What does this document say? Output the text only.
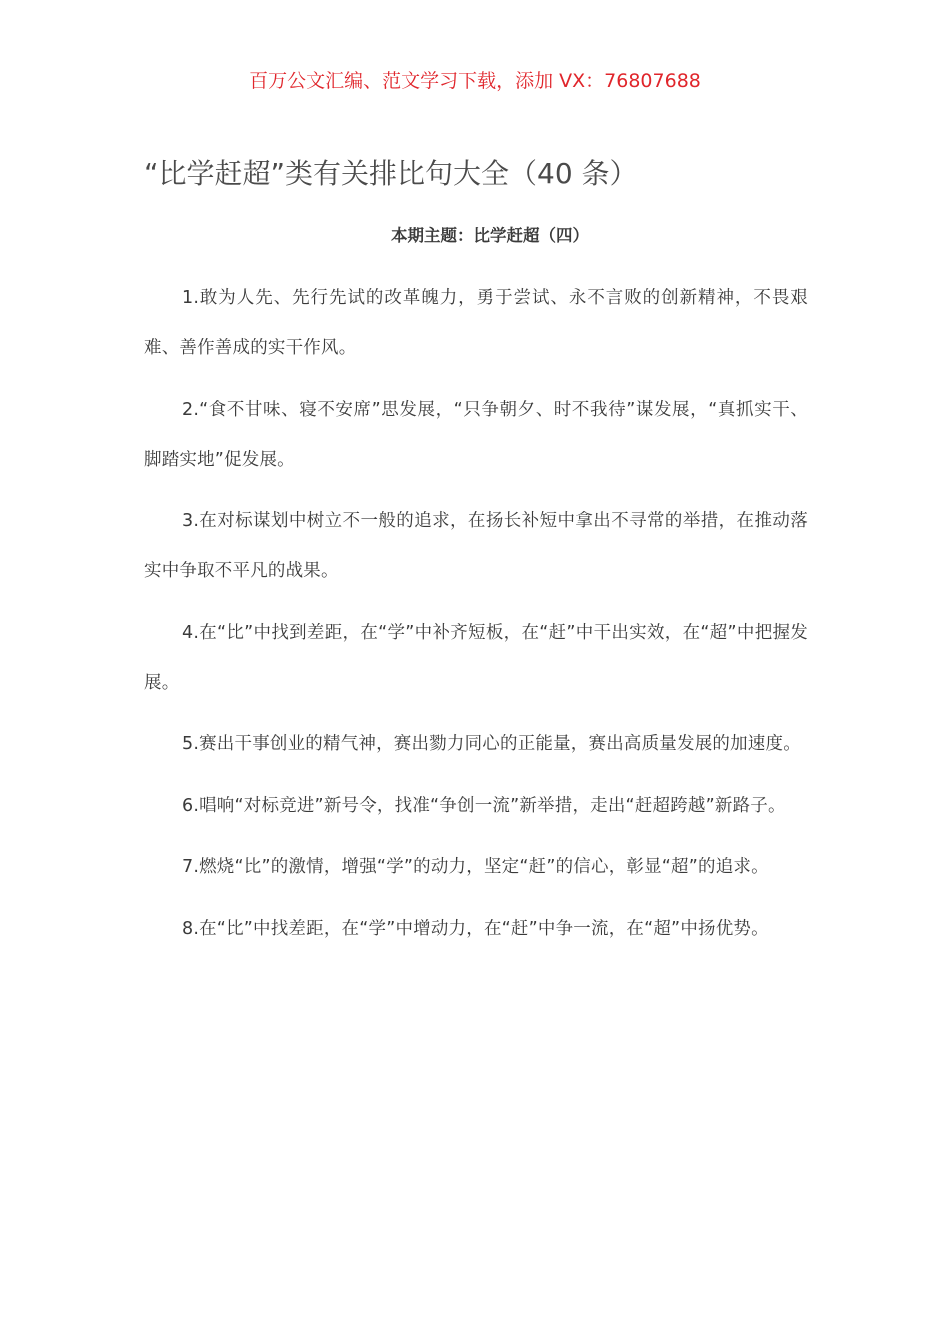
百万公文汇编、范文学习下载，添加 VX：76807688
“比学赶超”类有关排比句大全（40 条）
本期主题：比学赶超（四）

1.敢为人先、先行先试的改革魄力，勇于尝试、永不言败的创新精神，不畏艰难、善作善成的实干作风。

2.“食不甘味、寝不安席”思发展，“只争朝夕、时不我待”谋发展，“真抓实干、脚踏实地”促发展。

3.在对标谋划中树立不一般的追求，在扬长补短中拿出不寻常的举措，在推动落实中争取不平凡的战果。

4.在“比”中找到差距，在“学”中补齐短板，在“赶”中干出实效，在“超”中把握发展。

5.赛出干事创业的精气神，赛出勠力同心的正能量，赛出高质量发展的加速度。

6.唱响“对标竞进”新号令，找准“争创一流”新举措，走出“赶超跨越”新路子。

7.燃烧“比”的激情，增强“学”的动力，坚定“赶”的信心，彰显“超”的追求。

8.在“比”中找差距，在“学”中增动力，在“赶”中争一流，在“超”中扬优势。
